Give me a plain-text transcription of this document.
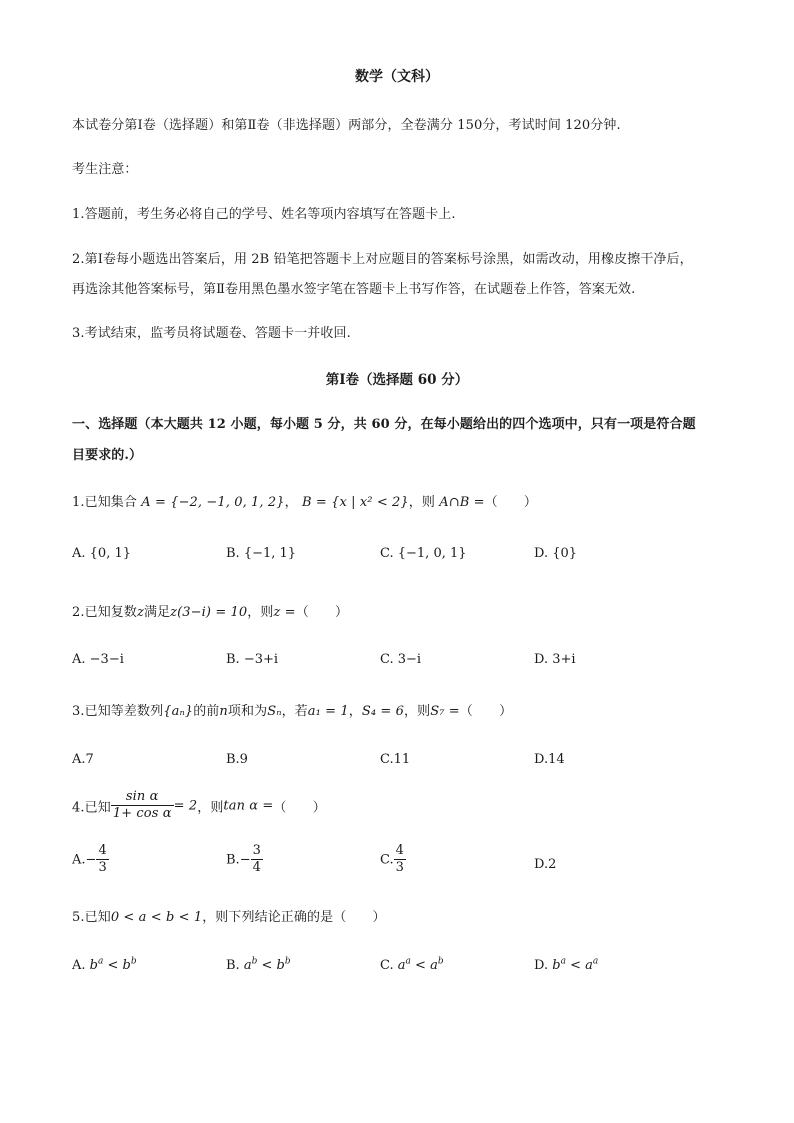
数学（文科）
本试卷分第Ⅰ卷（选择题）和第Ⅱ卷（非选择题）两部分，全卷满分 150分，考试时间 120分钟.
考生注意：
1.答题前，考生务必将自己的学号、姓名等项内容填写在答题卡上.
2.第Ⅰ卷每小题选出答案后，用 2B 铅笔把答题卡上对应题目的答案标号涂黑，如需改动，用橡皮擦干净后，
再选涂其他答案标号，第Ⅱ卷用黑色墨水签字笔在答题卡上书写作答，在试题卷上作答，答案无效.
3.考试结束，监考员将试题卷、答题卡一并收回.
第Ⅰ卷（选择题 60 分）
一、选择题（本大题共 12 小题，每小题 5 分，共 60 分，在每小题给出的四个选项中，只有一项是符合题
目要求的.）
1.已知集合 A = {−2, −1, 0, 1, 2}， B = {x | x² < 2}，则 A∩B =（　　）
A. {0, 1}	B. {−1, 1}	C. {−1, 0, 1}	D. {0}
2.已知复数z满足z(3−i) = 10，则z =（　　）
A. −3−i	B. −3+i	C. 3−i	D. 3+i
3.已知等差数列{aₙ}的前n项和为Sₙ，若a₁ = 1，S₄ = 6，则S₇ =（　　）
A.7	B.9	C.11	D.14
4.已知 $\frac{\text{sin α}}{\text{1+ cos α}} = 2$，则tan α =（　　）
$A.- \frac{4}{3}$	$B.- \frac{3}{4}$	C. $\frac{4}{3}$	D.2
5.已知0 < a < b < 1，则下列结论正确的是（　　）
A. $b^a < b^b$	B. $a^b < b^b$	C. $a^a < a^b$	D. $b^a < a^a$
